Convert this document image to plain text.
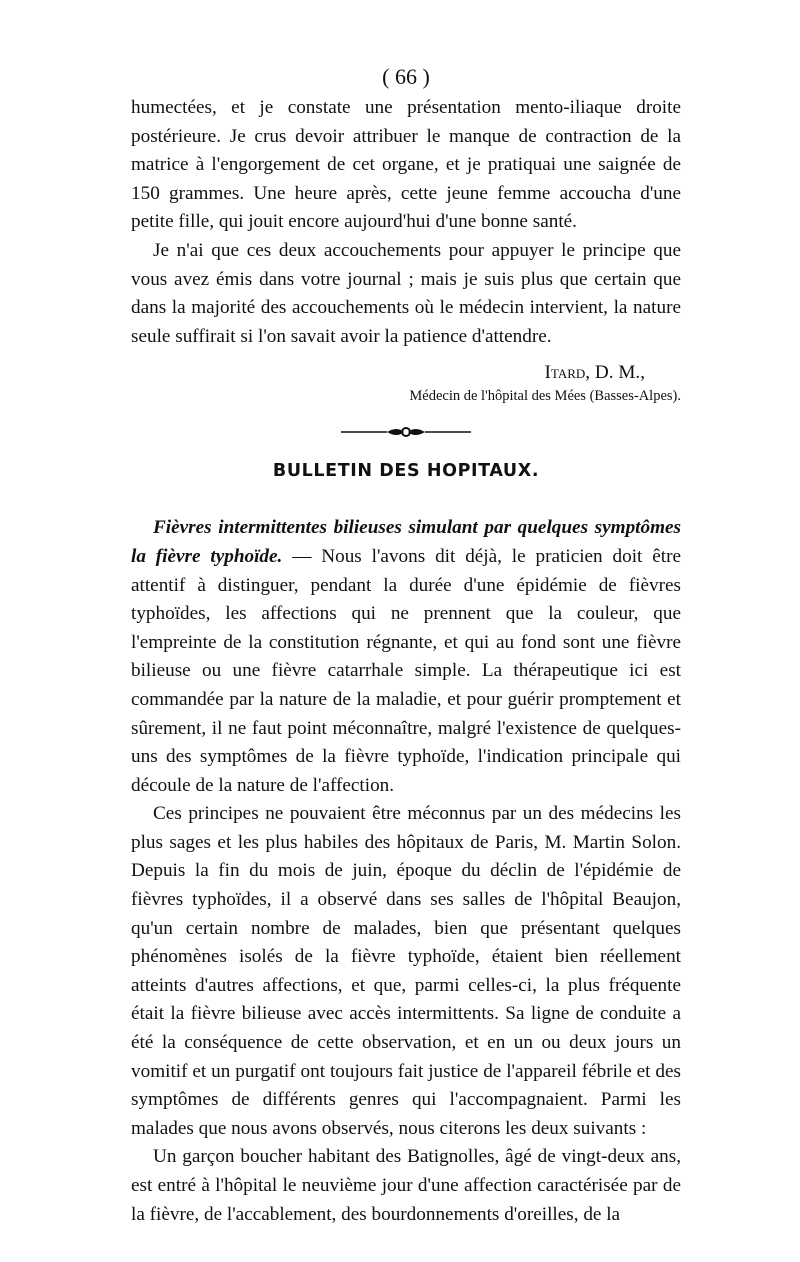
( 66 )

humectées, et je constate une présentation mento-iliaque droite postérieure. Je crus devoir attribuer le manque de contraction de la matrice à l'engorgement de cet organe, et je pratiquai une saignée de 150 grammes. Une heure après, cette jeune femme accoucha d'une petite fille, qui jouit encore aujourd'hui d'une bonne santé.

Je n'ai que ces deux accouchements pour appuyer le principe que vous avez émis dans votre journal ; mais je suis plus que certain que dans la majorité des accouchements où le médecin intervient, la nature seule suffirait si l'on savait avoir la patience d'attendre.

Itard, D. M.,
Médecin de l'hôpital des Mées (Basses-Alpes).
BULLETIN DES HOPITAUX.

Fièvres intermittentes bilieuses simulant par quelques symptômes la fièvre typhoïde. — Nous l'avons dit déjà, le praticien doit être attentif à distinguer, pendant la durée d'une épidémie de fièvres typhoïdes, les affections qui ne prennent que la couleur, que l'empreinte de la constitution régnante, et qui au fond sont une fièvre bilieuse ou une fièvre catarrhale simple. La thérapeutique ici est commandée par la nature de la maladie, et pour guérir promptement et sûrement, il ne faut point méconnaître, malgré l'existence de quelques-uns des symptômes de la fièvre typhoïde, l'indication principale qui découle de la nature de l'affection.

Ces principes ne pouvaient être méconnus par un des médecins les plus sages et les plus habiles des hôpitaux de Paris, M. Martin Solon. Depuis la fin du mois de juin, époque du déclin de l'épidémie de fièvres typhoïdes, il a observé dans ses salles de l'hôpital Beaujon, qu'un certain nombre de malades, bien que présentant quelques phénomènes isolés de la fièvre typhoïde, étaient bien réellement atteints d'autres affections, et que, parmi celles-ci, la plus fréquente était la fièvre bilieuse avec accès intermittents. Sa ligne de conduite a été la conséquence de cette observation, et en un ou deux jours un vomitif et un purgatif ont toujours fait justice de l'appareil fébrile et des symptômes de différents genres qui l'accompagnaient. Parmi les malades que nous avons observés, nous citerons les deux suivants :

Un garçon boucher habitant des Batignolles, âgé de vingt-deux ans, est entré à l'hôpital le neuvième jour d'une affection caractérisée par de la fièvre, de l'accablement, des bourdonnements d'oreilles, de la
